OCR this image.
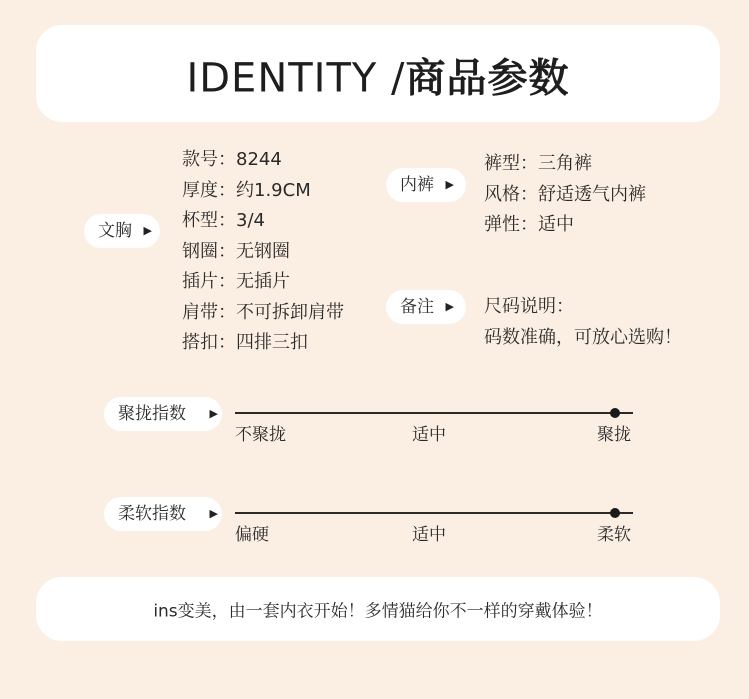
IDENTITY /商品参数
文胸 ▶
款号：8244
厚度：约1.9CM
杯型：3/4
钢圈：无钢圈
插片：无插片
肩带：不可拆卸肩带
搭扣：四排三扣
内裤 ▶
裤型：三角裤
风格：舒适透气内裤
弹性：适中
备注 ▶ 尺码说明：
码数准确，可放心选购！
聚拢指数 ▶
不聚拢	适中	聚拢
柔软指数 ▶
偏硬	适中	柔软
ins变美，由一套内衣开始！多情猫给你不一样的穿戴体验！
